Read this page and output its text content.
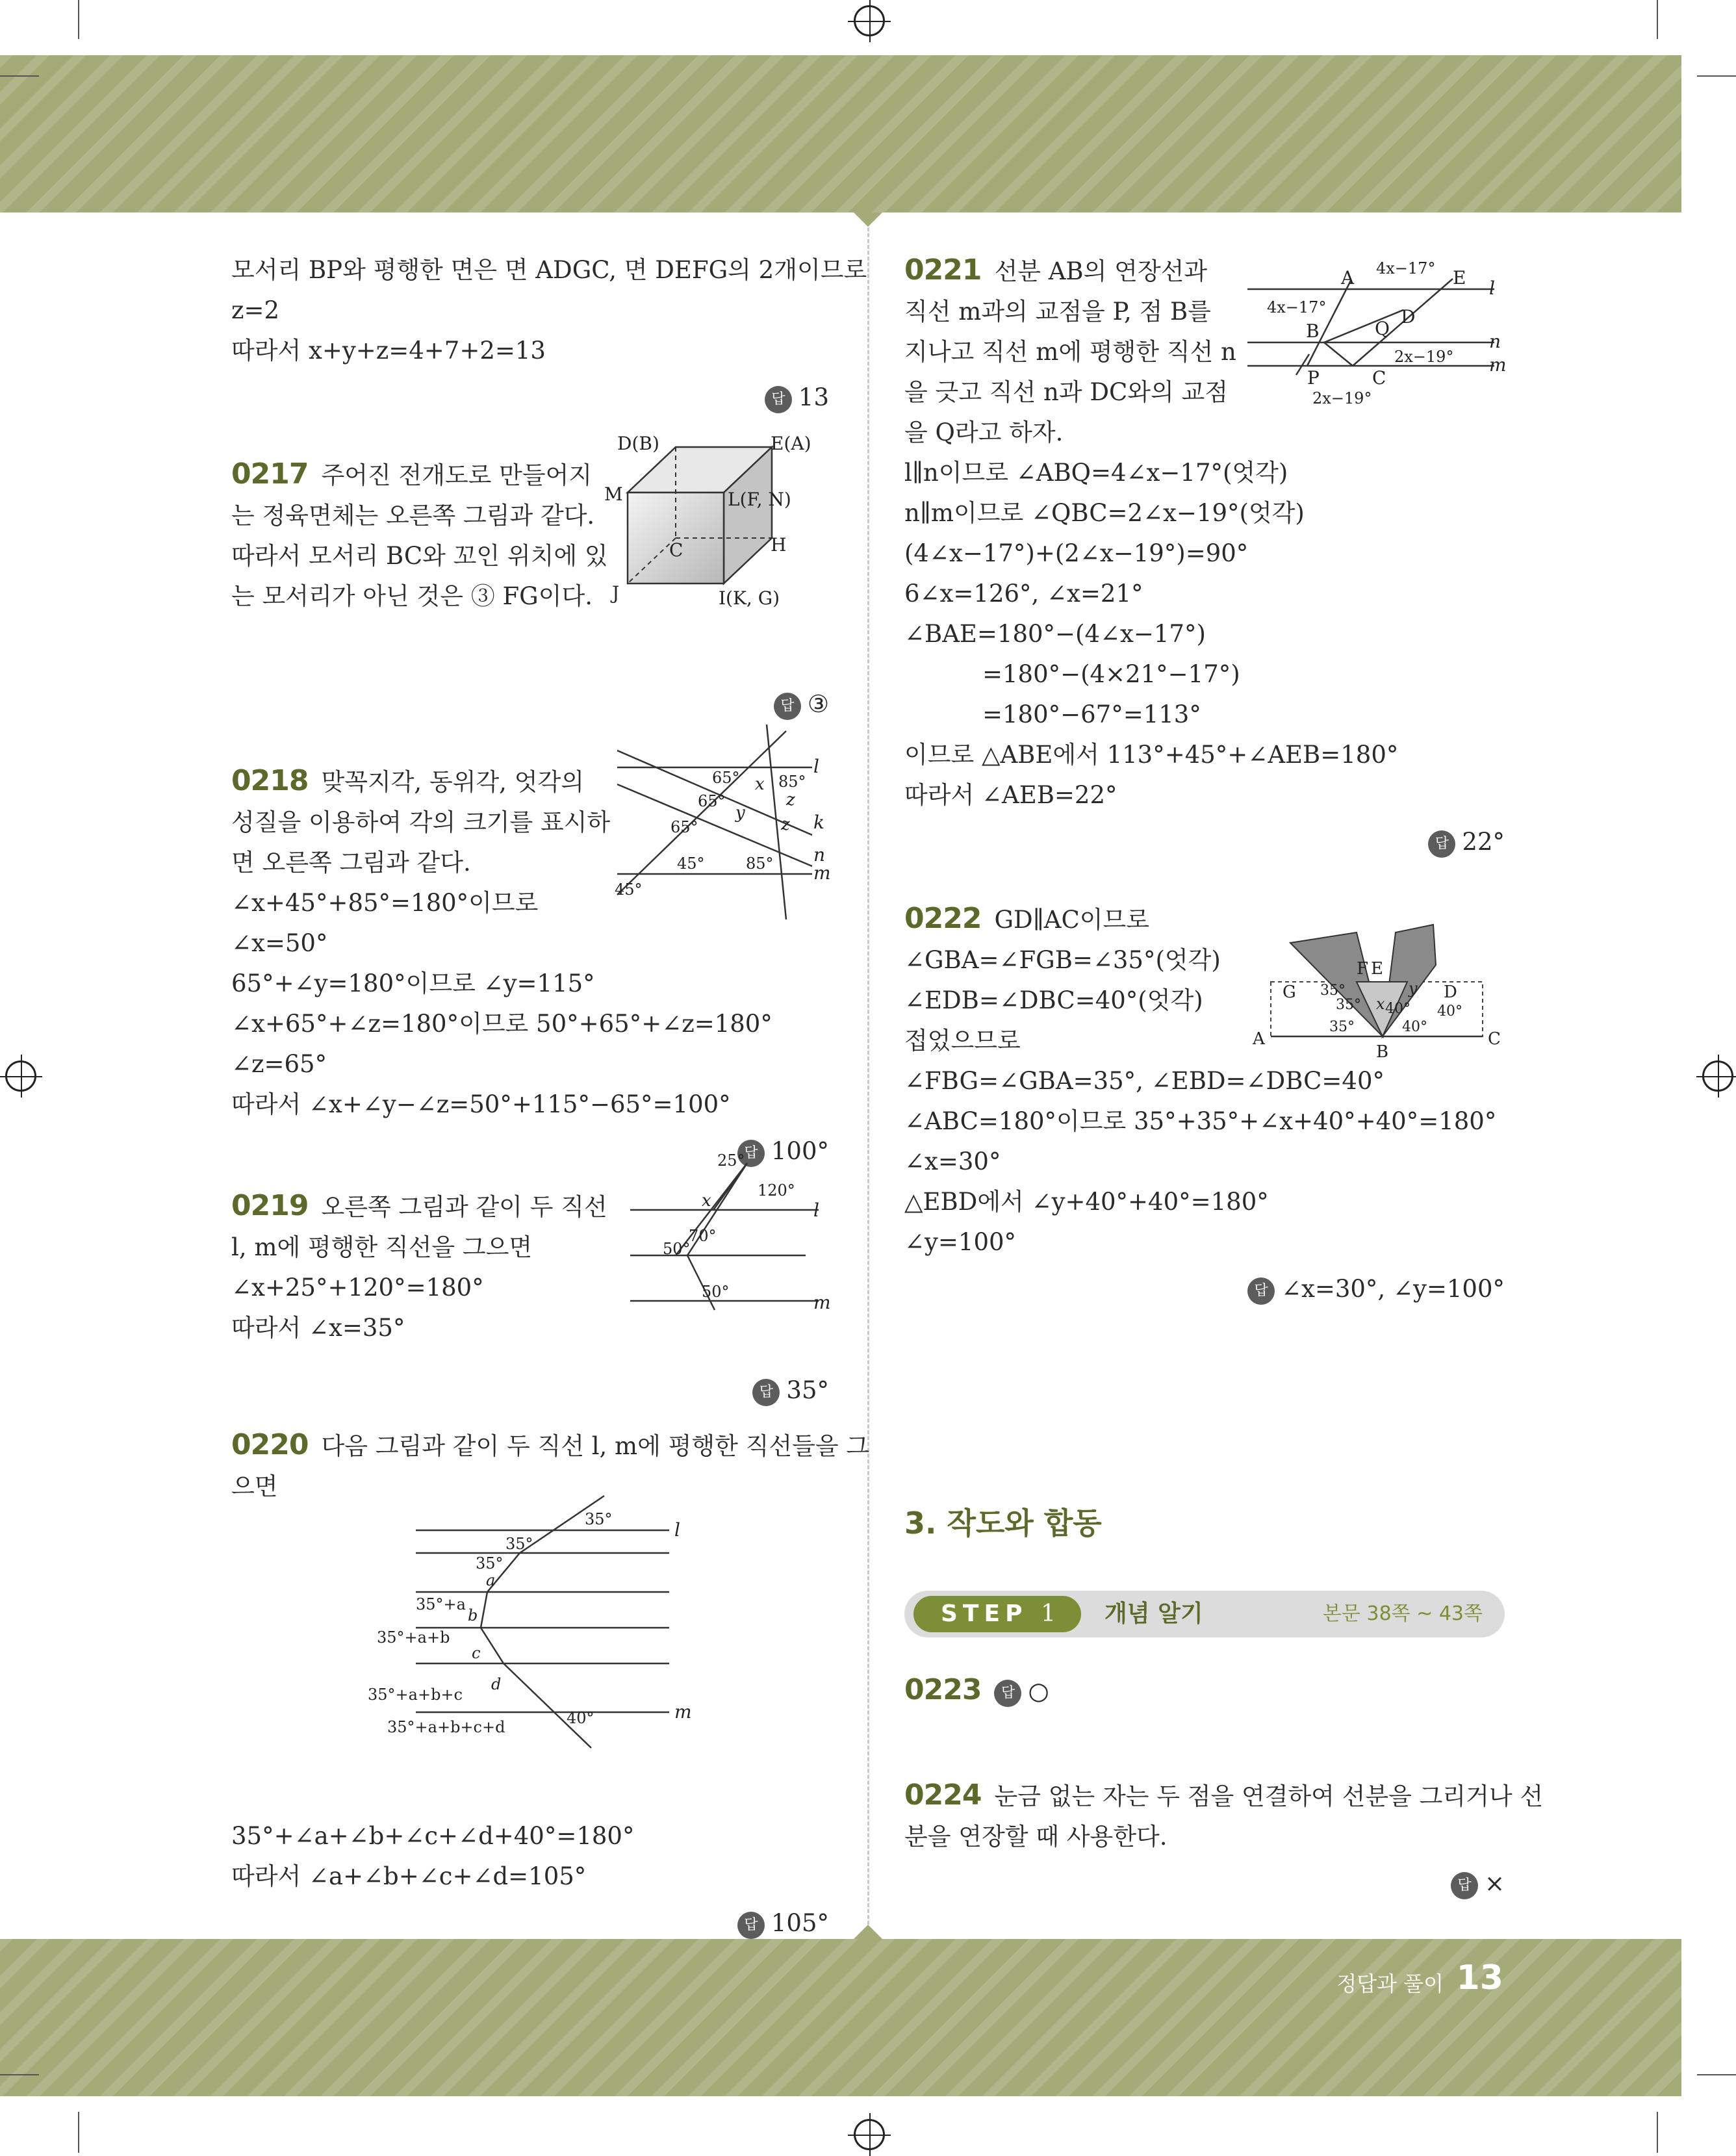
모서리 BP와 평행한 면은 면 ADGC, 면 DEFG의 2개이므로

z=2

따라서 x+y+z=4+7+2=13

답 13

0217 주어진 전개도로 만들어지

는 정육면체는 오른쪽 그림과 같다.

따라서 모서리 BC와 꼬인 위치에 있

는 모서리가 아닌 것은 ③ FG이다.

답 ③

0218 맞꼭지각, 동위각, 엇각의

성질을 이용하여 각의 크기를 표시하

면 오른쪽 그림과 같다.

∠x+45°+85°=180°이므로

∠x=50°

65°+∠y=180°이므로 ∠y=115°

∠x+65°+∠z=180°이므로 50°+65°+∠z=180°

∠z=65°

따라서 ∠x+∠y−∠z=50°+115°−65°=100°

답 100°

0219 오른쪽 그림과 같이 두 직선

l, m에 평행한 직선을 그으면

∠x+25°+120°=180°

따라서 ∠x=35°

답 35°

0220 다음 그림과 같이 두 직선 l, m에 평행한 직선들을 그

으면

35°+∠a+∠b+∠c+∠d+40°=180°

따라서 ∠a+∠b+∠c+∠d=105°

답 105°

D(B)	E(A)
M	L(F, N)
H
C
J	I(K, G)
l
k
n
m
65°
65°
65°
x 85°
z
y
z
45°	85°
45°
25°
x
120°
70°
50°
50°
l
m
35°
35°
35°
a
35°+a
b
35°+a+b
c
d
35°+a+b+c
35°+a+b+c+d	40°
l
m

0221 선분 AB의 연장선과

직선 m과의 교점을 P, 점 B를

지나고 직선 m에 평행한 직선 n

을 긋고 직선 n과 DC와의 교점

을 Q라고 하자.

l∥n이므로 ∠ABQ=4∠x−17°(엇각)

n∥m이므로 ∠QBC=2∠x−19°(엇각)

(4∠x−17°)+(2∠x−19°)=90°

6∠x=126°, ∠x=21°

∠BAE=180°−(4∠x−17°)

=180°−(4×21°−17°)

=180°−67°=113°

이므로 △ABE에서 113°+45°+∠AEB=180°

따라서 ∠AEB=22°

답 22°

0222 GD∥AC이므로

∠GBA=∠FGB=∠35°(엇각)

∠EDB=∠DBC=40°(엇각)

접었으므로

∠FBG=∠GBA=35°, ∠EBD=∠DBC=40°

∠ABC=180°이므로 35°+35°+∠x+40°+40°=180°

∠x=30°

△EBD에서 ∠y+40°+40°=180°

∠y=100°

답 ∠x=30°, ∠y=100°

3. 작도와 합동

STEP 1 개념 알기	본문 38쪽 ~ 43쪽

0223 답 ○

0224 눈금 없는 자는 두 점을 연결하여 선분을 그리거나 선

분을 연장할 때 사용한다.

답 ×

A 4x−17° E l
4x−17°
B	Q
D
n
2x−19° m
P	C
2x−19°
F E
G	D
35°
35° x
y
40° 40°
40°
35°
A
B
C
정답과 풀이 13
